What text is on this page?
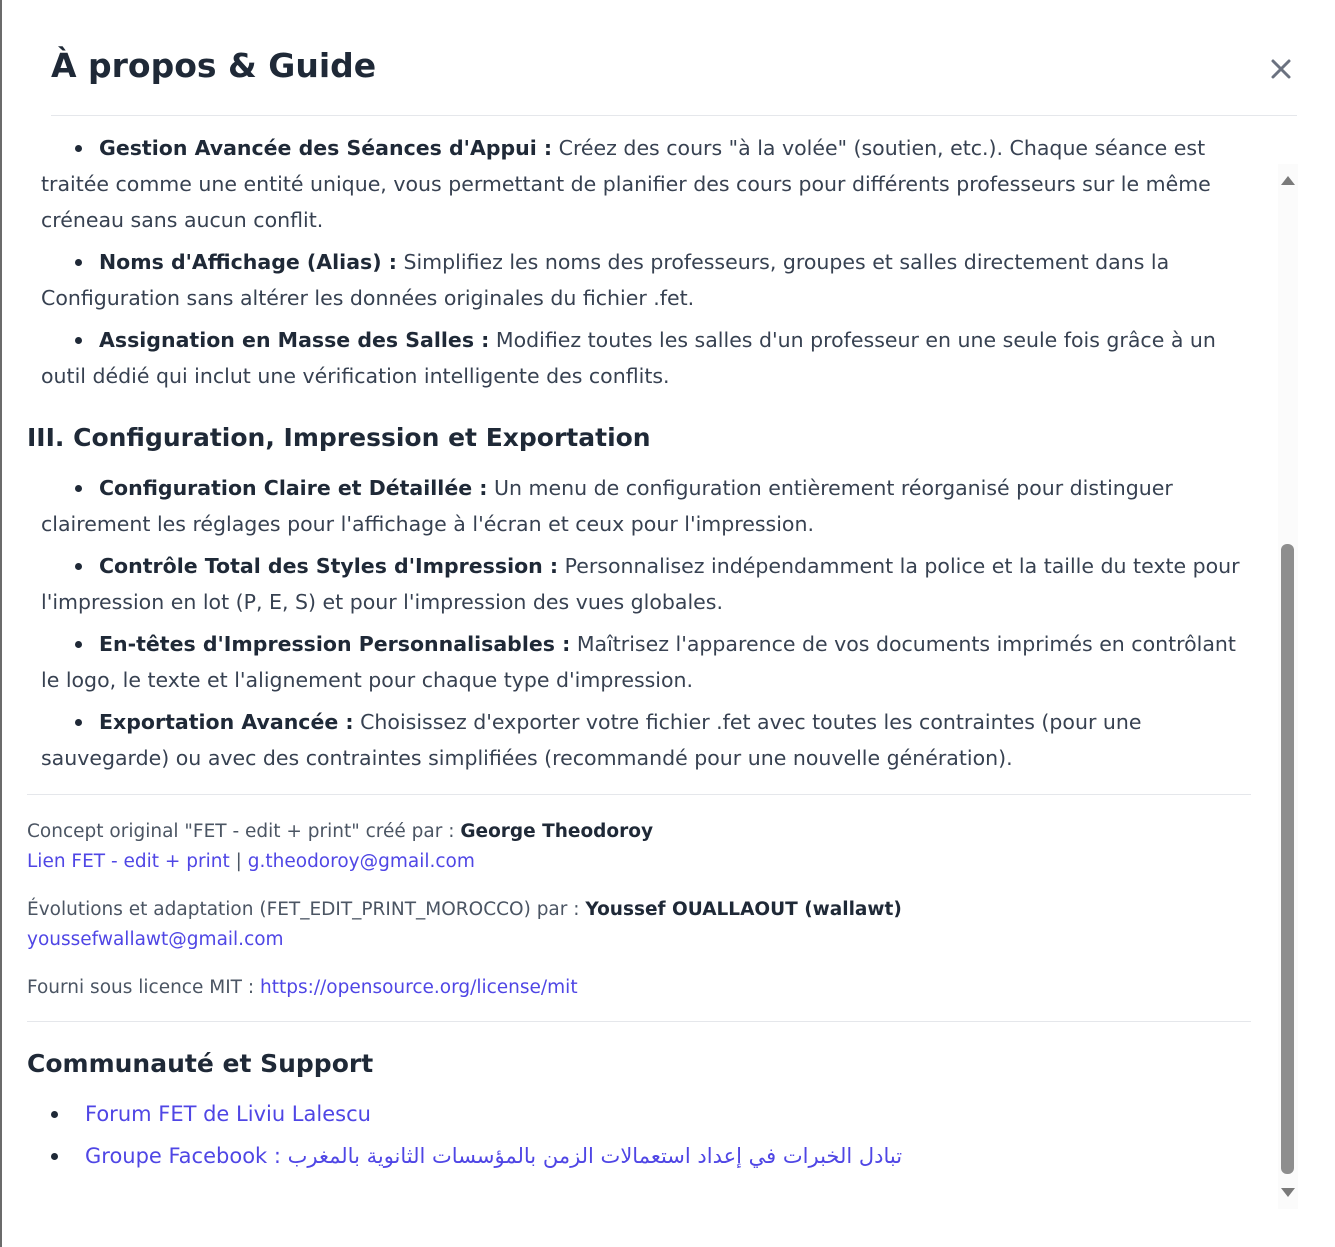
À propos & Guide
Gestion Avancée des Séances d'Appui : Créez des cours "à la volée" (soutien, etc.). Chaque séance est traitée comme une entité unique, vous permettant de planifier des cours pour différents professeurs sur le même créneau sans aucun conflit.
Noms d'Affichage (Alias) : Simplifiez les noms des professeurs, groupes et salles directement dans la Configuration sans altérer les données originales du fichier .fet.
Assignation en Masse des Salles : Modifiez toutes les salles d'un professeur en une seule fois grâce à un outil dédié qui inclut une vérification intelligente des conflits.
III. Configuration, Impression et Exportation
Configuration Claire et Détaillée : Un menu de configuration entièrement réorganisé pour distinguer clairement les réglages pour l'affichage à l'écran et ceux pour l'impression.
Contrôle Total des Styles d'Impression : Personnalisez indépendamment la police et la taille du texte pour l'impression en lot (P, E, S) et pour l'impression des vues globales.
En-têtes d'Impression Personnalisables : Maîtrisez l'apparence de vos documents imprimés en contrôlant le logo, le texte et l'alignement pour chaque type d'impression.
Exportation Avancée : Choisissez d'exporter votre fichier .fet avec toutes les contraintes (pour une sauvegarde) ou avec des contraintes simplifiées (recommandé pour une nouvelle génération).

Concept original "FET - edit + print" créé par : George Theodoroy
Lien FET - edit + print | g.theodoroy@gmail.com

Évolutions et adaptation (FET_EDIT_PRINT_MOROCCO) par : Youssef OUALLAOUT (wallawt)
youssefwallawt@gmail.com

Fourni sous licence MIT : https://opensource.org/license/mit

Communauté et Support
Forum FET de Liviu Lalescu
Groupe Facebook : تبادل الخبرات في إعداد استعمالات الزمن بالمؤسسات الثانوية بالمغرب
